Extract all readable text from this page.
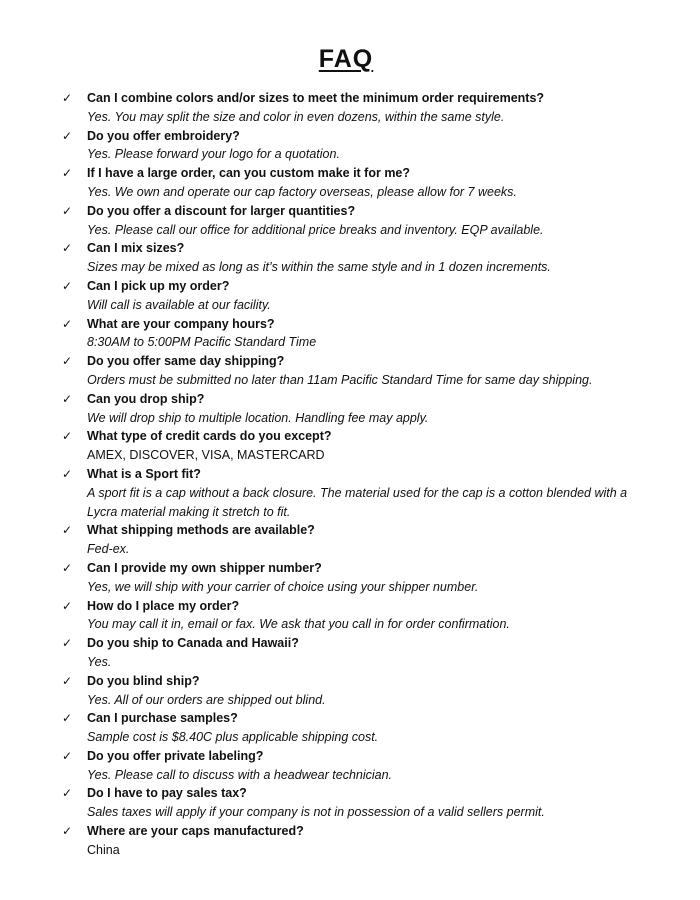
FAQ
✓	Can I combine colors and/or sizes to meet the minimum order requirements?
Yes. You may split the size and color in even dozens, within the same style.
✓	Do you offer embroidery?
Yes. Please forward your logo for a quotation.
✓	If I have a large order, can you custom make it for me?
Yes. We own and operate our cap factory overseas, please allow for 7 weeks.
✓	Do you offer a discount for larger quantities?
Yes. Please call our office for additional price breaks and inventory. EQP available.
✓	Can I mix sizes?
Sizes may be mixed as long as it’s within the same style and in 1 dozen increments.
✓	Can I pick up my order?
Will call is available at our facility.
✓	What are your company hours?
8:30AM to 5:00PM Pacific Standard Time
✓	Do you offer same day shipping?
Orders must be submitted no later than 11am Pacific Standard Time for same day shipping.
✓	Can you drop ship?
We will drop ship to multiple location. Handling fee may apply.
✓	What type of credit cards do you except?
AMEX, DISCOVER, VISA, MASTERCARD
✓	What is a Sport fit?
A sport fit is a cap without a back closure. The material used for the cap is a cotton blended with a Lycra material making it stretch to fit.
✓	What shipping methods are available?
Fed-ex.
✓	Can I provide my own shipper number?
Yes, we will ship with your carrier of choice using your shipper number.
✓	How do I place my order?
You may call it in, email or fax. We ask that you call in for order confirmation.
✓	Do you ship to Canada and Hawaii?
Yes.
✓	Do you blind ship?
Yes. All of our orders are shipped out blind.
✓	Can I purchase samples?
Sample cost is $8.40C plus applicable shipping cost.
✓	Do you offer private labeling?
Yes. Please call to discuss with a headwear technician.
✓	Do I have to pay sales tax?
Sales taxes will apply if your company is not in possession of a valid sellers permit.
✓	Where are your caps manufactured?
China
